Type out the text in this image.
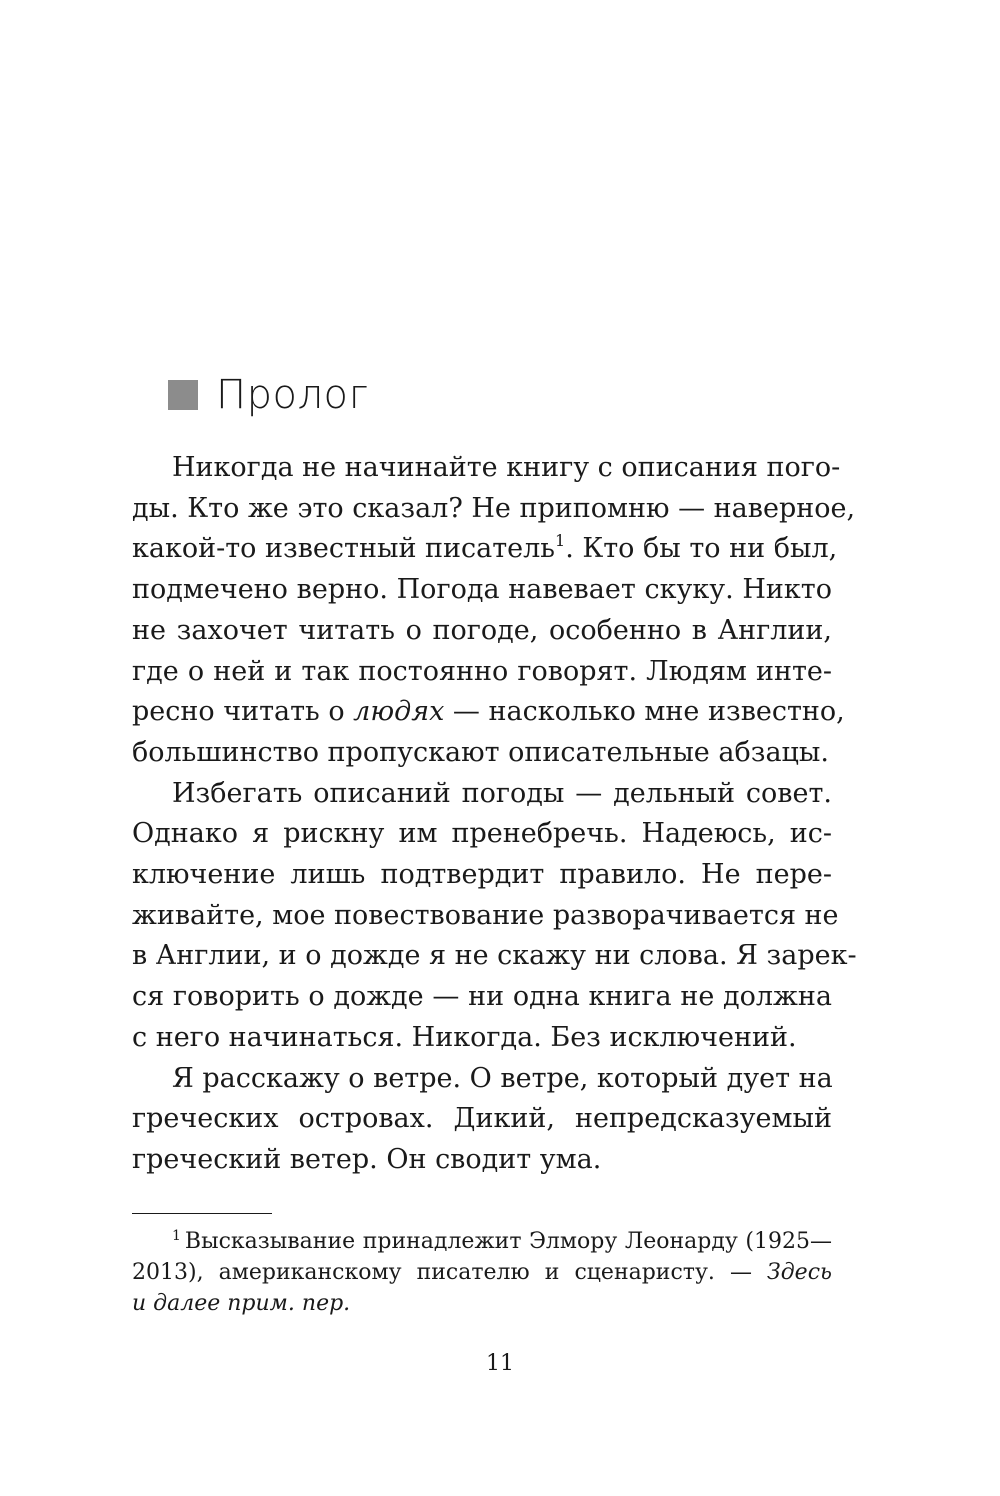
Пролог
Никогда не начинайте книгу с описания пого-
ды. Кто же это сказал? Не припомню — наверное,
какой-то известный писатель$^1$. Кто бы то ни был,
подмечено верно. Погода навевает скуку. Никто
не захочет читать о погоде, особенно в Англии,
где о ней и так постоянно говорят. Людям инте-
ресно читать о людях — насколько мне известно,
большинство пропускают описательные абзацы.
Избегать описаний погоды — дельный совет.
Однако я рискну им пренебречь. Надеюсь, ис-
ключение лишь подтвердит правило. Не пере-
живайте, мое повествование разворачивается не
в Англии, и о дожде я не скажу ни слова. Я зарек-
ся говорить о дожде — ни одна книга не должна
с него начинаться. Никогда. Без исключений.
Я расскажу о ветре. О ветре, который дует на
греческих островах. Дикий, непредсказуемый
греческий ветер. Он сводит ума.
$^1$ Высказывание принадлежит Элмору Леонарду (1925—
2013), американскому писателю и сценаристу. — Здесь
и далее прим. пер.
11
